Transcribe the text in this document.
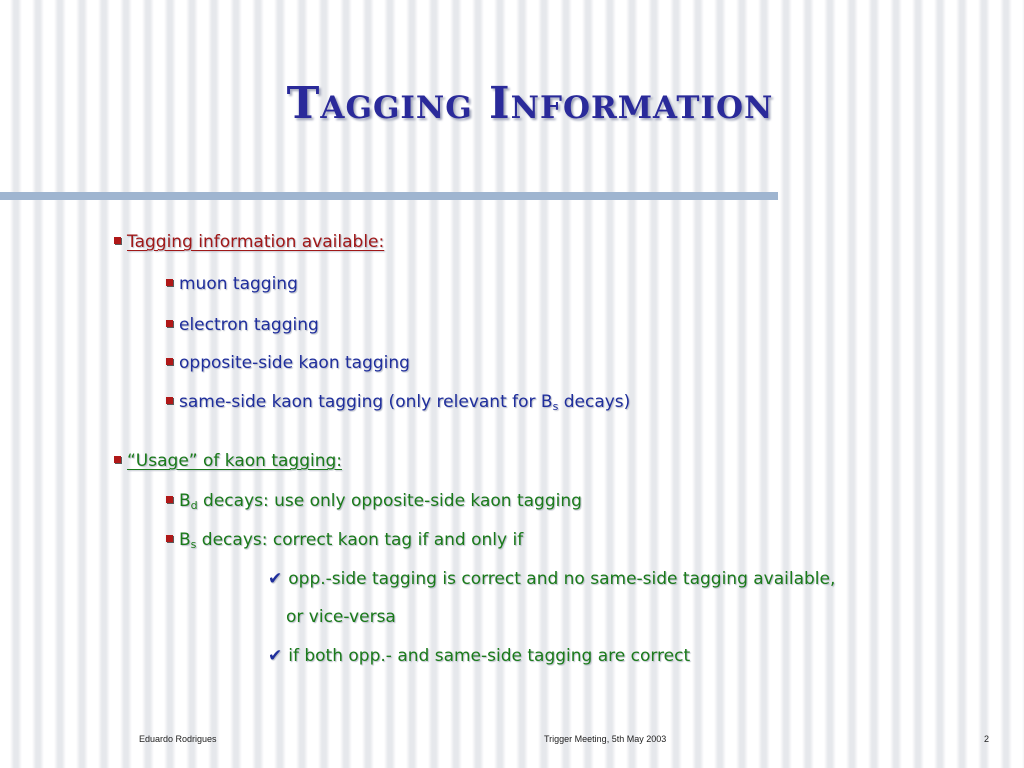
Tagging Information
Tagging information available:
muon tagging
electron tagging
opposite-side kaon tagging
same-side kaon tagging (only relevant for $B_s$ decays)
“Usage” of kaon tagging:
$B_d$ decays: use only opposite-side kaon tagging
$B_s$ decays: correct kaon tag if and only if
✔ opp.-side tagging is correct and no same-side tagging available,
or vice-versa
✔ if both opp.- and same-side tagging are correct
Eduardo Rodrigues	Trigger Meeting, 5th May 2003	2
